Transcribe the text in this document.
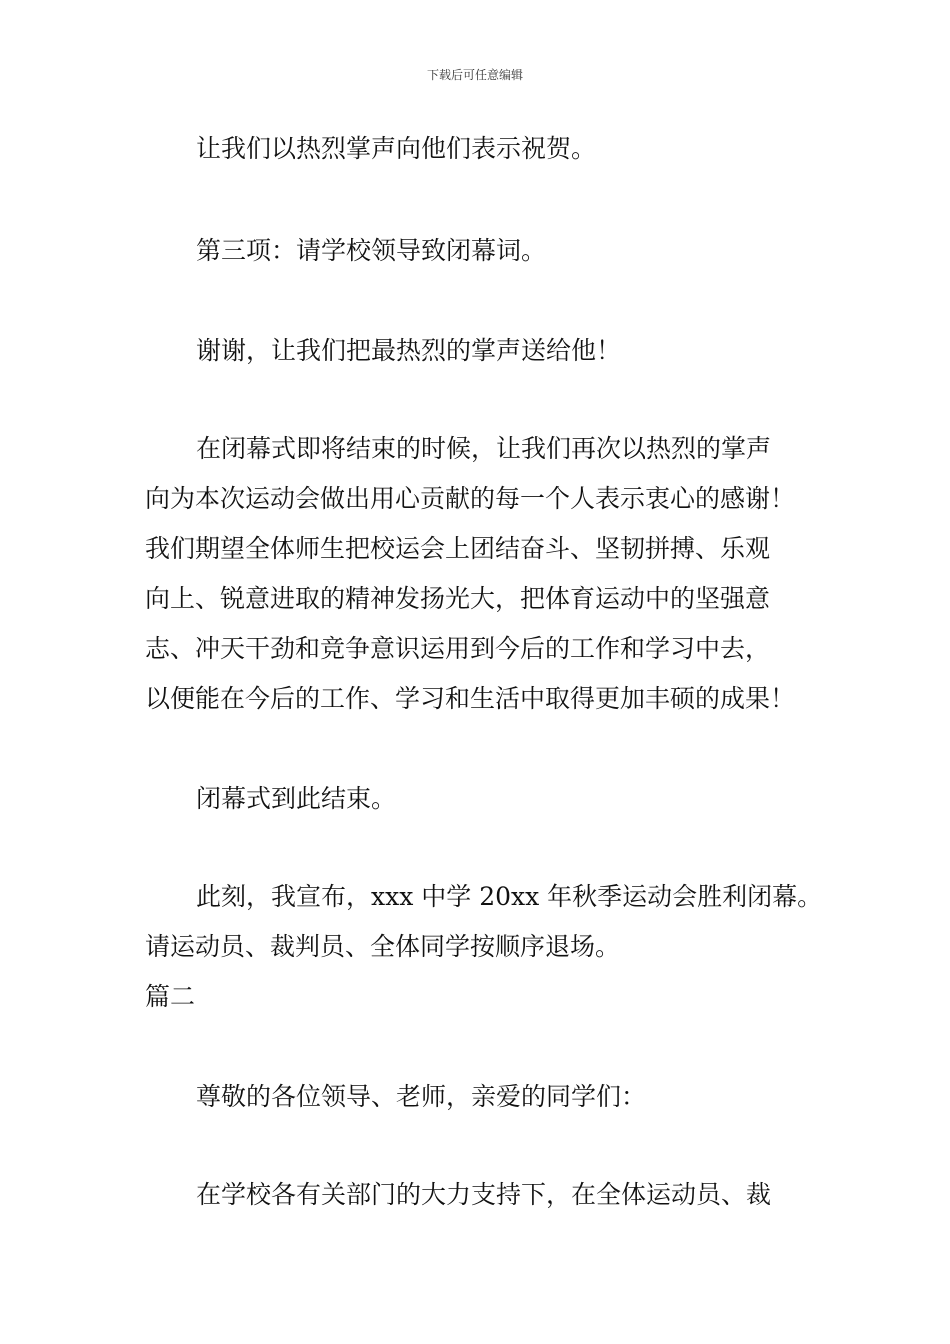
下载后可任意编辑
让我们以热烈掌声向他们表示祝贺。
第三项：请学校领导致闭幕词。
谢谢，让我们把最热烈的掌声送给他！
在闭幕式即将结束的时候，让我们再次以热烈的掌声
向为本次运动会做出用心贡献的每一个人表示衷心的感谢！
我们期望全体师生把校运会上团结奋斗、坚韧拼搏、乐观
向上、锐意进取的精神发扬光大，把体育运动中的坚强意
志、冲天干劲和竞争意识运用到今后的工作和学习中去，
以便能在今后的工作、学习和生活中取得更加丰硕的成果！
闭幕式到此结束。
此刻，我宣布，xxx 中学 20xx 年秋季运动会胜利闭幕。
请运动员、裁判员、全体同学按顺序退场。
篇二
尊敬的各位领导、老师，亲爱的同学们：
在学校各有关部门的大力支持下，在全体运动员、裁
